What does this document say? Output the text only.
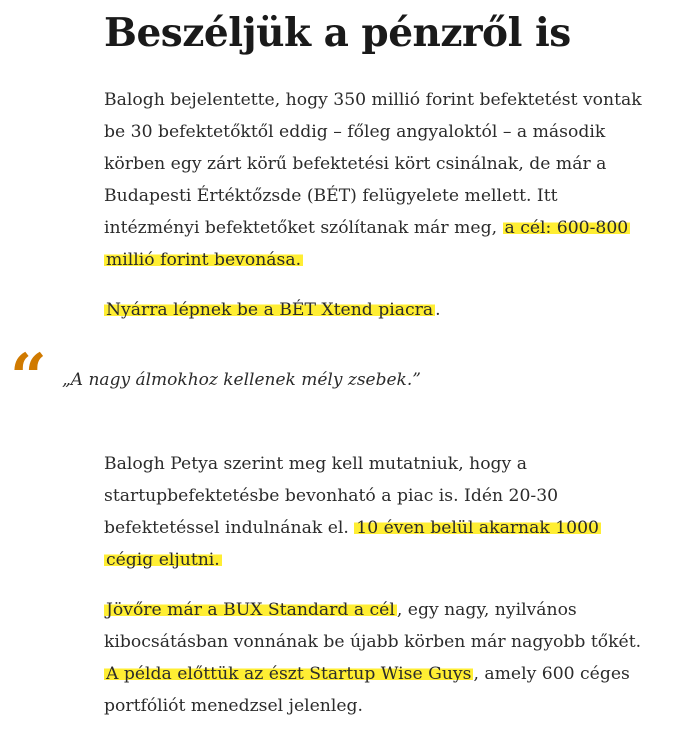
Beszéljük a pénzről is

Balogh bejelentette, hogy 350 millió forint befektetést vontak be 30 befektetőktől eddig – főleg angyaloktól – a második körben egy zárt körű befektetési kört csinálnak, de már a Budapesti Értéktőzsde (BÉT) felügyelete mellett. Itt intézményi befektetőket szólítanak már meg, a cél: 600-800 millió forint bevonása.

Nyárra lépnek be a BÉT Xtend piacra .

“ „A nagy álmokhoz kellenek mély zsebek.”

Balogh Petya szerint meg kell mutatniuk, hogy a startupbefektetésbe bevonható a piac is. Idén 20-30 befektetéssel indulnának el. 10 éven belül akarnak 1000 cégig eljutni.

Jövőre már a BUX Standard a cél , egy nagy, nyilvános kibocsátásban vonnának be újabb körben már nagyobb tőkét. A példa előttük az észt Startup Wise Guys , amely 600 céges portfóliót menedzsel jelenleg.
